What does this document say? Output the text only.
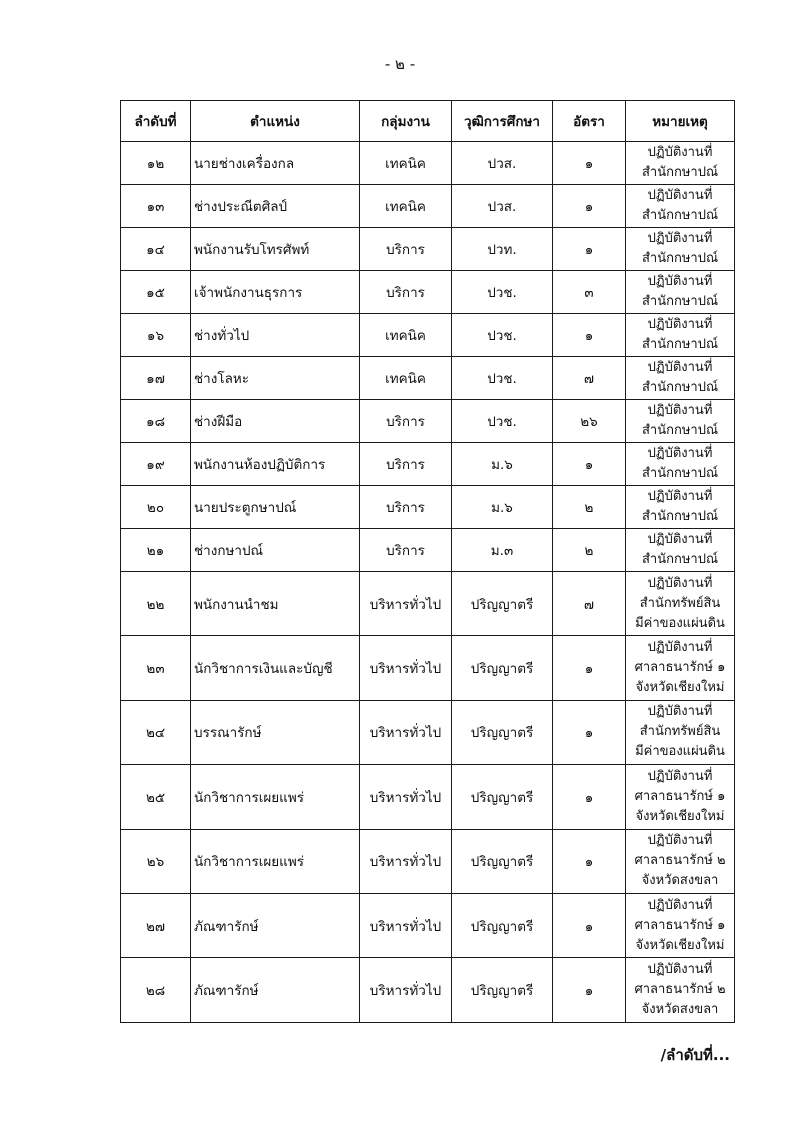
- ๒ -
ลำดับที่	ตำแหน่ง	กลุ่มงาน	วุฒิการศึกษา	อัตรา	หมายเหตุ
๑๒	นายช่างเครื่องกล	เทคนิค	ปวส.	๑	ปฏิบัติงานที่
สำนักกษาปณ์

๑๓	ช่างประณีตศิลป์	เทคนิค	ปวส.	๑	ปฏิบัติงานที่
สำนักกษาปณ์

๑๔	พนักงานรับโทรศัพท์	บริการ	ปวท.	๑	ปฏิบัติงานที่
สำนักกษาปณ์

๑๕	เจ้าพนักงานธุรการ	บริการ	ปวช.	๓	ปฏิบัติงานที่
สำนักกษาปณ์

๑๖	ช่างทั่วไป	เทคนิค	ปวช.	๑	ปฏิบัติงานที่
สำนักกษาปณ์

๑๗	ช่างโลหะ	เทคนิค	ปวช.	๗	ปฏิบัติงานที่
สำนักกษาปณ์

๑๘	ช่างฝีมือ	บริการ	ปวช.	๒๖	ปฏิบัติงานที่
สำนักกษาปณ์

๑๙	พนักงานห้องปฏิบัติการ	บริการ	ม.๖	๑	ปฏิบัติงานที่
สำนักกษาปณ์

๒๐	นายประตูกษาปณ์	บริการ	ม.๖	๒	ปฏิบัติงานที่
สำนักกษาปณ์

๒๑	ช่างกษาปณ์	บริการ	ม.๓	๒	ปฏิบัติงานที่
สำนักกษาปณ์

๒๒	พนักงานนำชม	บริหารทั่วไป	ปริญญาตรี	๗	ปฏิบัติงานที่
สำนักทรัพย์สิน
มีค่าของแผ่นดิน

๒๓	นักวิชาการเงินและบัญชี	บริหารทั่วไป	ปริญญาตรี	๑	ปฏิบัติงานที่
ศาลาธนารักษ์ ๑
จังหวัดเชียงใหม่

๒๔	บรรณารักษ์	บริหารทั่วไป	ปริญญาตรี	๑	ปฏิบัติงานที่
สำนักทรัพย์สิน
มีค่าของแผ่นดิน

๒๕	นักวิชาการเผยแพร่	บริหารทั่วไป	ปริญญาตรี	๑	ปฏิบัติงานที่
ศาลาธนารักษ์ ๑
จังหวัดเชียงใหม่

๒๖	นักวิชาการเผยแพร่	บริหารทั่วไป	ปริญญาตรี	๑	ปฏิบัติงานที่
ศาลาธนารักษ์ ๒
จังหวัดสงขลา

๒๗	ภัณฑารักษ์	บริหารทั่วไป	ปริญญาตรี	๑	ปฏิบัติงานที่
ศาลาธนารักษ์ ๑
จังหวัดเชียงใหม่

๒๘	ภัณฑารักษ์	บริหารทั่วไป	ปริญญาตรี	๑	ปฏิบัติงานที่
ศาลาธนารักษ์ ๒
จังหวัดสงขลา
/ลำดับที่...
